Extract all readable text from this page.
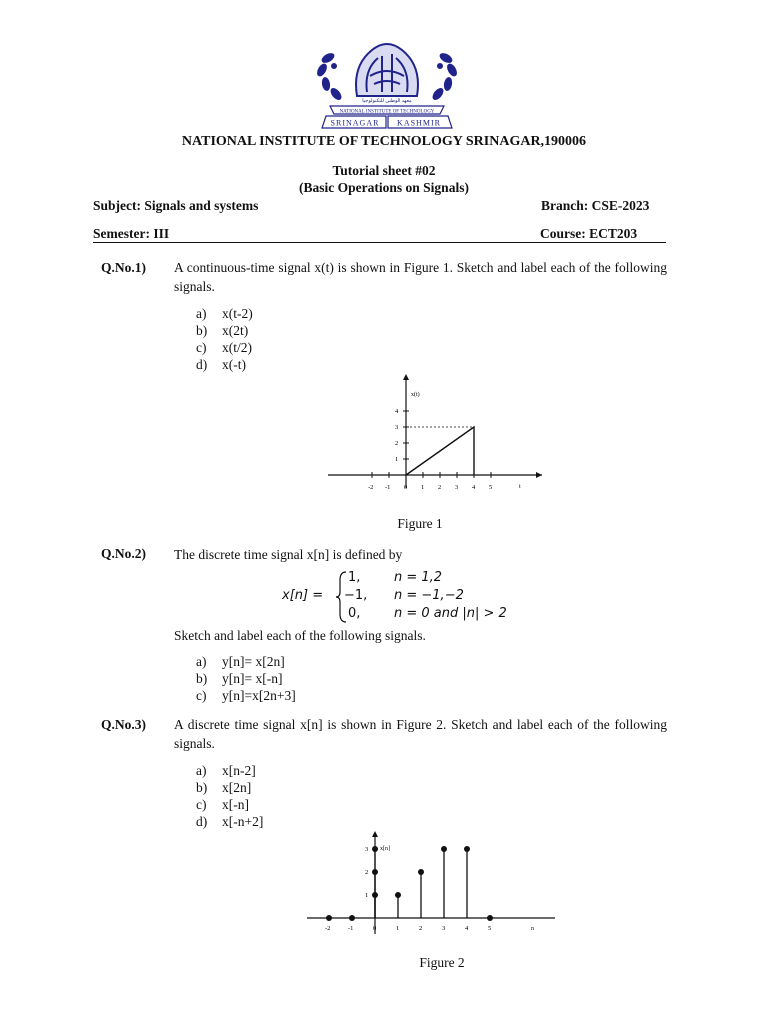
معهد الوطنی للتكنولوجيا
NATIONAL INSTITUTE OF TECHNOLOGY
SRINAGAR KASHMIR
NATIONAL INSTITUTE OF TECHNOLOGY SRINAGAR,190006
Tutorial sheet #02
(Basic Operations on Signals)
Subject: Signals and systems	Branch: CSE-2023
Semester: III	Course: ECT203
Q.No.1) A continuous-time signal x(t) is shown in Figure 1. Sketch and label each of the following signals.
a)	x(t-2)
b)	x(2t)
c)	x(t/2)
d)	x(-t)
x(t)
t
-2 -1 0 1 2 3 4 5
1
2
3
4
Figure 1
Q.No.2) The discrete time signal x[n] is defined by
x[n] =
1,	n = 1,2
−1, n = −1,−2
0,	n = 0 and |n| > 2
Sketch and label each of the following signals.
a)	y[n]= x[2n]
b)	y[n]= x[-n]
c)	y[n]=x[2n+3]
Q.No.3) A discrete time signal x[n] is shown in Figure 2. Sketch and label each of the following signals.
a)	x[n-2]
b)	x[2n]
c)	x[-n]
d)	x[-n+2]
x[n]
n
-2	-1	0	1	2	3	4	5
1
2
3
Figure 2
